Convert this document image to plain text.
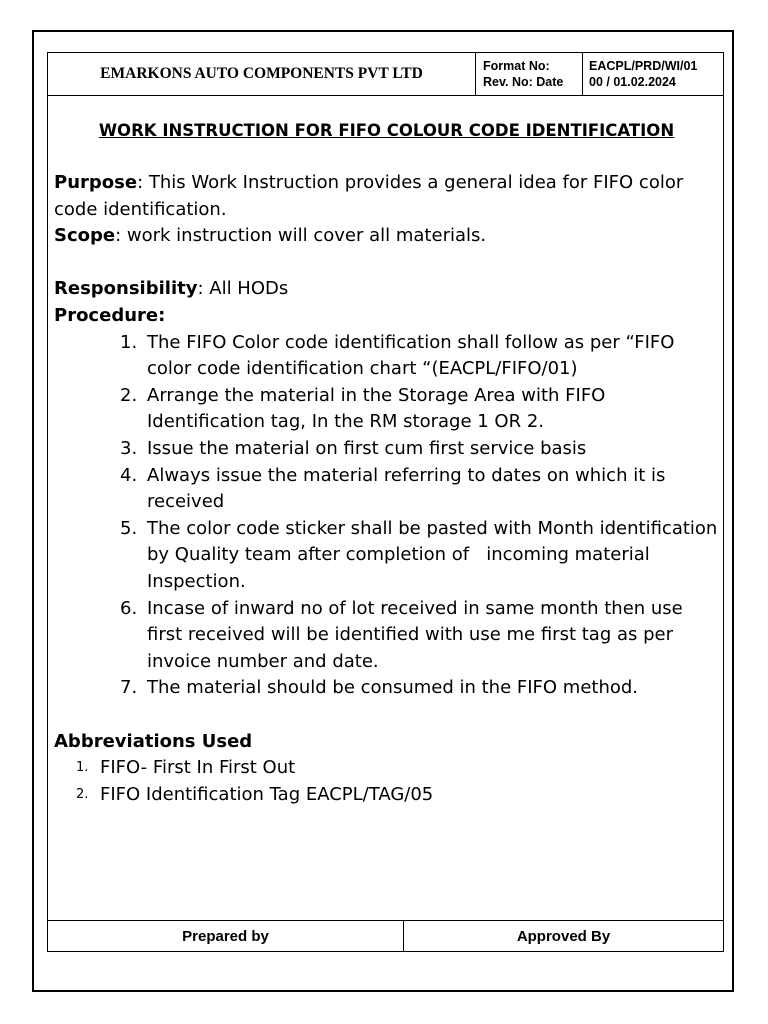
EMARKONS AUTO COMPONENTS PVT LTD	Format No:
Rev. No: Date
EACPL/PRD/WI/01
00 / 01.02.2024
WORK INSTRUCTION FOR FIFO COLOUR CODE IDENTIFICATION

Purpose: This Work Instruction provides a general idea for FIFO color code identification.

Scope: work instruction will cover all materials.

Responsibility: All HODs

Procedure:

1. The FIFO Color code identification shall follow as per “FIFO color code identification chart “(EACPL/FIFO/01)
2. Arrange the material in the Storage Area with FIFO Identification tag, In the RM storage 1 OR 2.
3. Issue the material on first cum first service basis
4. Always issue the material referring to dates on which it is received
5. The color code sticker shall be pasted with Month identification by Quality team after completion of   incoming material Inspection.
6. Incase of inward no of lot received in same month then use first received will be identified with use me first tag as per invoice number and date.
7. The material should be consumed in the FIFO method.

Abbreviations Used

1. FIFO- First In First Out
2. FIFO Identification Tag EACPL/TAG/05
Prepared by	Approved By
